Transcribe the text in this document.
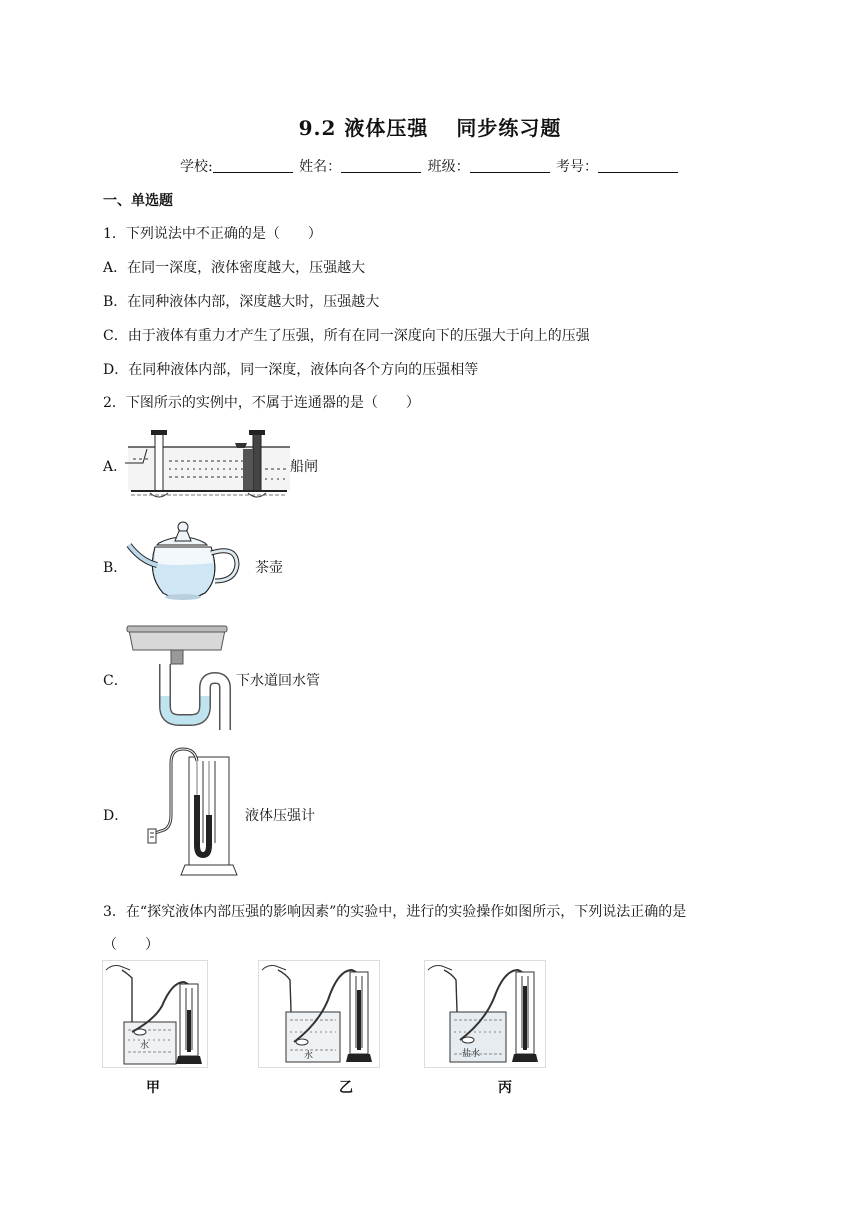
9.2 液体压强 同步练习题
学校:	姓名：	班级：	考号：
一、单选题
1．下列说法中不正确的是（　　）
A．在同一深度，液体密度越大，压强越大
B．在同种液体内部，深度越大时，压强越大
C．由于液体有重力才产生了压强，所有在同一深度向下的压强大于向上的压强
D．在同种液体内部，同一深度，液体向各个方向的压强相等
2．下图所示的实例中，不属于连通器的是（　　）
A．	船闸
B．	茶壶
C．	下水道回水管
D．	液体压强计
3．在“探究液体内部压强的影响因素”的实验中，进行的实验操作如图所示，下列说法正确的是
（　　）
水
甲
水
乙
盐水
丙
